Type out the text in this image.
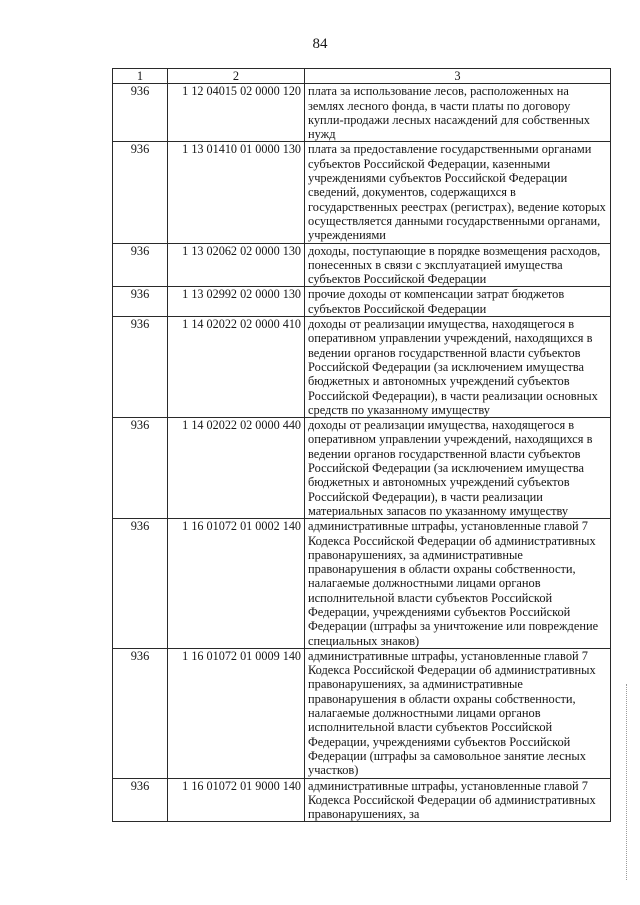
84
1	2	3
936	1 12 04015 02 0000 120	плата за использование лесов, расположенных на землях лесного фонда, в части платы по договору купли-продажи лесных насаждений для собственных нужд
936	1 13 01410 01 0000 130	плата за предоставление государственными органами субъектов Российской Федерации, казенными учреждениями субъектов Российской Федерации сведений, документов, содержащихся в государственных реестрах (регистрах), ведение которых осуществляется данными государственными органами, учреждениями
936	1 13 02062 02 0000 130	доходы, поступающие в порядке возмещения расходов, понесенных в связи с эксплуатацией имущества субъектов Российской Федерации
936	1 13 02992 02 0000 130	прочие доходы от компенсации затрат бюджетов субъектов Российской Федерации
936	1 14 02022 02 0000 410	доходы от реализации имущества, находящегося в оперативном управлении учреждений, находящихся в ведении органов государственной власти субъектов Российской Федерации (за исключением имущества бюджетных и автономных учреждений субъектов Российской Федерации), в части реализации основных средств по указанному имуществу
936	1 14 02022 02 0000 440	доходы от реализации имущества, находящегося в оперативном управлении учреждений, находящихся в ведении органов государственной власти субъектов Российской Федерации (за исключением имущества бюджетных и автономных учреждений субъектов Российской Федерации), в части реализации материальных запасов по указанному имуществу
936	1 16 01072 01 0002 140	административные штрафы, установленные главой 7 Кодекса Российской Федерации об административных правонарушениях, за административные правонарушения в области охраны собственности, налагаемые должностными лицами органов исполнительной власти субъектов Российской Федерации, учреждениями субъектов Российской Федерации (штрафы за уничтожение или повреждение специальных знаков)
936	1 16 01072 01 0009 140	административные штрафы, установленные главой 7 Кодекса Российской Федерации об административных правонарушениях, за административные правонарушения в области охраны собственности, налагаемые должностными лицами органов исполнительной власти субъектов Российской Федерации, учреждениями субъектов Российской Федерации (штрафы за самовольное занятие лесных участков)
936	1 16 01072 01 9000 140	административные штрафы, установленные главой 7 Кодекса Российской Федерации об административных правонарушениях, за
